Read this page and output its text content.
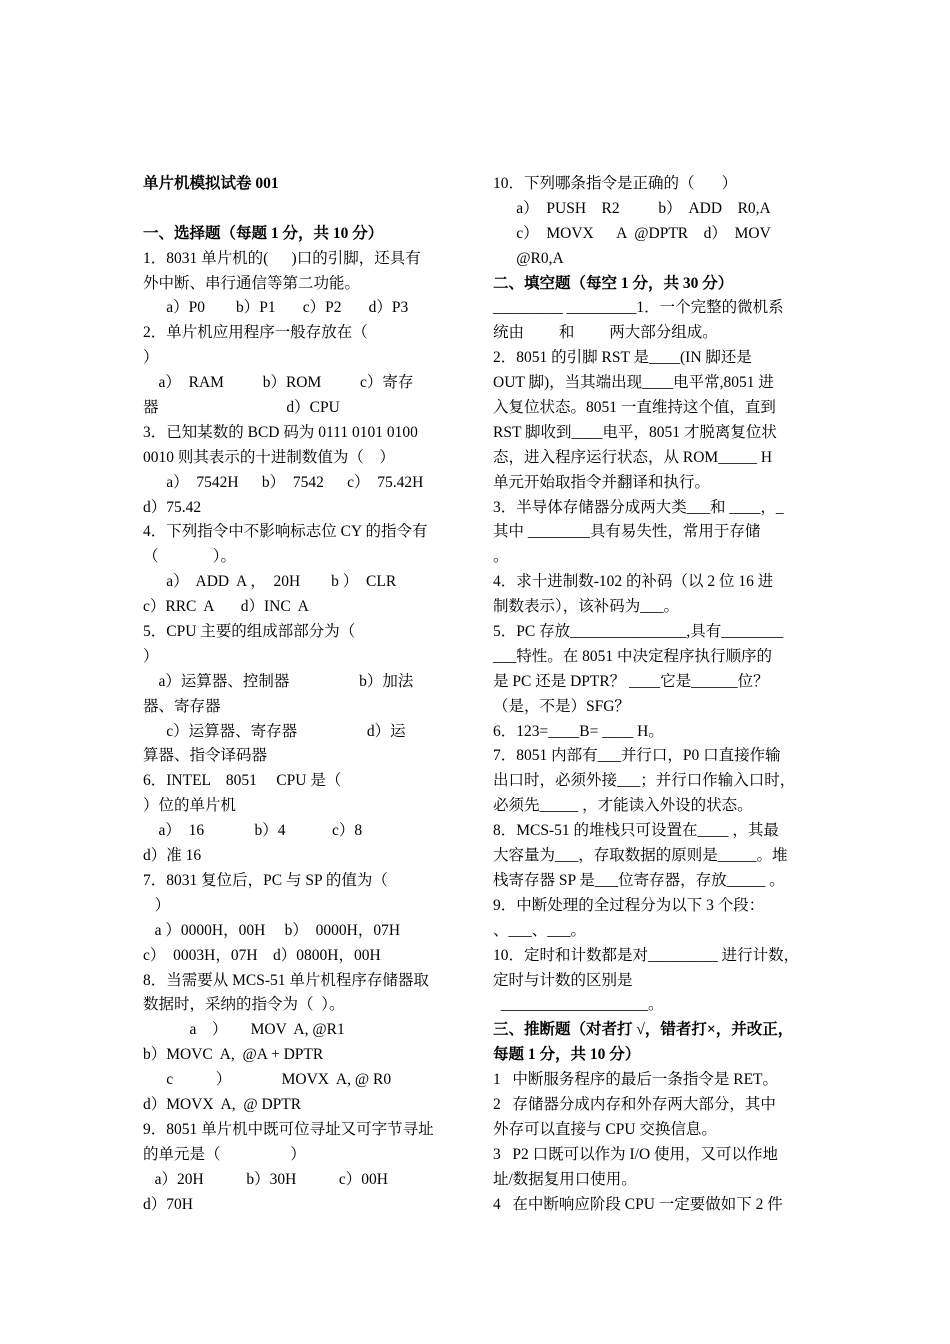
单片机模拟试卷 001
一、选择题（每题 1 分，共 10 分）
1．8031 单片机的(      )口的引脚，还具有
外中断、串行通信等第二功能。
a）P0        b）P1       c）P2       d）P3
2．单片机应用程序一般存放在（
）
a）  RAM          b）ROM          c）寄存
器                                 d）CPU
3．已知某数的 BCD 码为 0111 0101 0100
0010 则其表示的十进制数值为（    ）
a）  7542H      b）  7542      c）  75.42H
d）75.42
4．下列指令中不影响标志位 CY 的指令有
（              ）。
a）  ADD  A ，  20H        b ）  CLR
c）RRC  A       d）INC  A
5．CPU 主要的组成部部分为（
）
a）运算器、控制器                  b）加法
器、寄存器
c）运算器、寄存器                  d）运
算器、指令译码器
6．INTEL    8051     CPU 是（
）位的单片机
a）  16             b）4            c）8
d）准 16
7．8031 复位后，PC 与 SP 的值为（
）
a ）0000H，00H     b）  0000H，07H
c）  0003H，07H    d）0800H，00H
8．当需要从 MCS-51 单片机程序存储器取
数据时，采纳的指令为（  ）。
a    ）      MOV  A, @R1
b）MOVC  A,  @A + DPTR
c           ）             MOVX  A, @ R0
d）MOVX  A,  @ DPTR
9．8051 单片机中既可位寻址又可字节寻址
的单元是（                  ）
a）20H           b）30H           c）00H
d）70H
10．下列哪条指令是正确的（       ）
a）  PUSH    R2          b）  ADD    R0,A
c）  MOVX      A  @DPTR    d）  MOV
@R0,A
二、填空题（每空 1 分，共 30 分）
_________ _________1．一个完整的微机系
统由         和         两大部分组成。
2．8051 的引脚 RST 是____(IN 脚还是
OUT 脚)，当其端出现____电平常,8051 进
入复位状态。8051 一直维持这个值，直到
RST 脚收到____电平，8051 才脱离复位状
态，进入程序运行状态，从 ROM_____ H
单元开始取指令并翻译和执行。
3．半导体存储器分成两大类___和 ____，_
其中 ________具有易失性，常用于存储
。
4．求十进制数-102 的补码（以 2 位 16 进
制数表示），该补码为___。
5．PC 存放_______________,具有________
___特性。在 8051 中决定程序执行顺序的
是 PC 还是 DPTR？ ____它是______位？
（是，不是）SFG？
6．123=____B= ____ H。
7．8051 内部有___并行口，P0 口直接作输
出口时，必须外接___；并行口作输入口时，
必须先_____ ，才能读入外设的状态。
8．MCS-51 的堆栈只可设置在____ ，其最
大容量为___，存取数据的原则是_____。堆
栈寄存器 SP 是___位寄存器，存放_____ 。
9．中断处理的全过程分为以下 3 个段：
、___、___。
10．定时和计数都是对_________ 进行计数，
定时与计数的区别是
___________________。
三、推断题（对者打 √，错者打×，并改正，
每题 1 分，共 10 分）
1   中断服务程序的最后一条指令是 RET。
2   存储器分成内存和外存两大部分，其中
外存可以直接与 CPU 交换信息。
3   P2 口既可以作为 I/O 使用，又可以作地
址/数据复用口使用。
4   在中断响应阶段 CPU 一定要做如下 2 件
